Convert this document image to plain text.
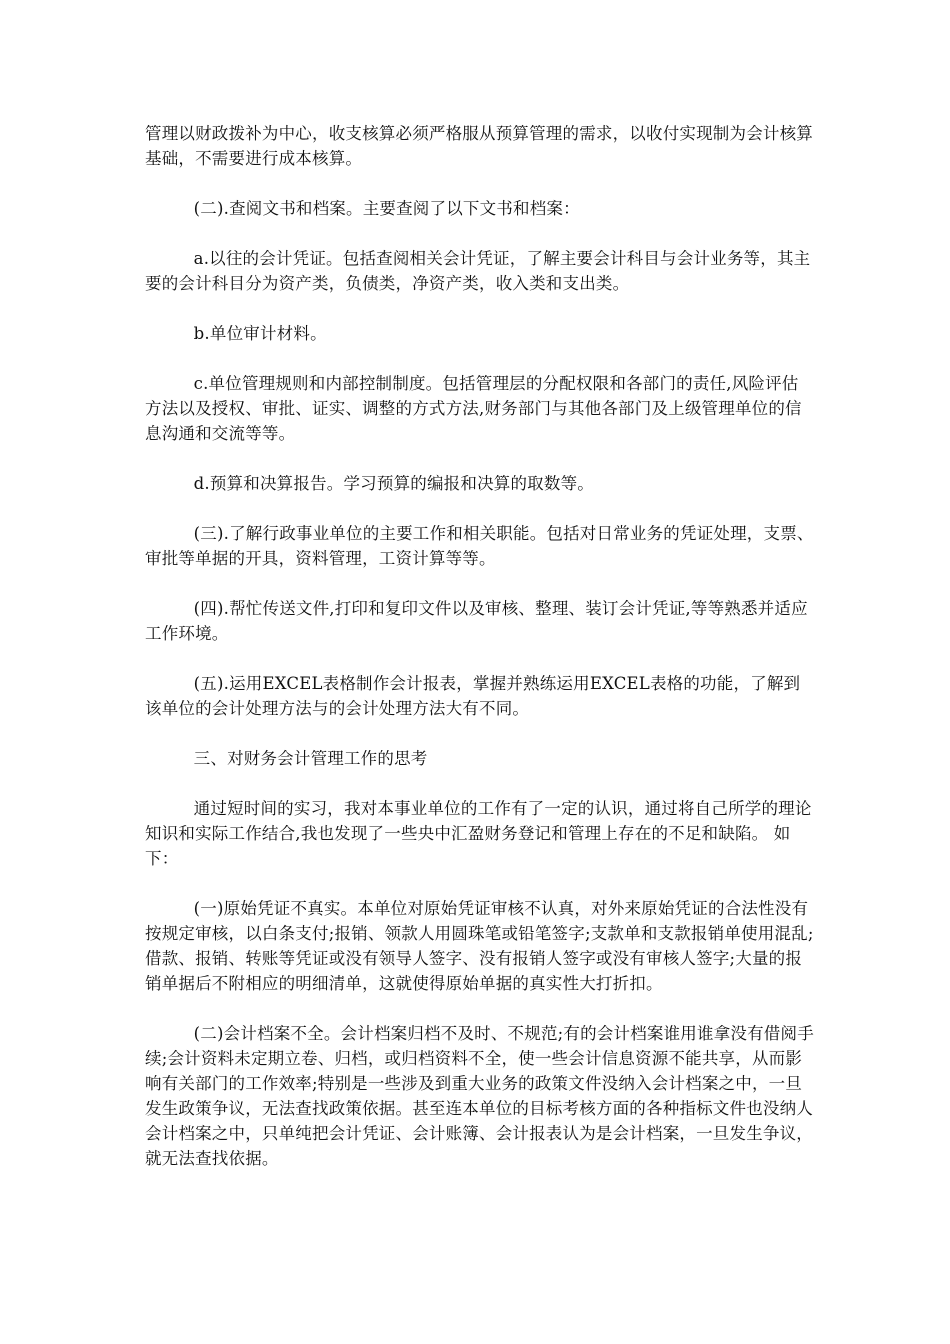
管理以财政拨补为中心，收支核算必须严格服从预算管理的需求，以收付实现制为会计核算基础，不需要进行成本核算。

(二).查阅文书和档案。主要查阅了以下文书和档案：

a.以往的会计凭证。包括查阅相关会计凭证，了解主要会计科目与会计业务等，其主要的会计科目分为资产类，负债类，净资产类，收入类和支出类。

b.单位审计材料。

c.单位管理规则和内部控制制度。包括管理层的分配权限和各部门的责任,风险评估方法以及授权、审批、证实、调整的方式方法,财务部门与其他各部门及上级管理单位的信息沟通和交流等等。

d.预算和决算报告。学习预算的编报和决算的取数等。

(三).了解行政事业单位的主要工作和相关职能。包括对日常业务的凭证处理，支票、审批等单据的开具，资料管理，工资计算等等。

(四).帮忙传送文件,打印和复印文件以及审核、整理、装订会计凭证,等等熟悉并适应工作环境。

(五).运用EXCEL表格制作会计报表，掌握并熟练运用EXCEL表格的功能，了解到该单位的会计处理方法与的会计处理方法大有不同。

三、对财务会计管理工作的思考

通过短时间的实习，我对本事业单位的工作有了一定的认识，通过将自己所学的理论知识和实际工作结合,我也发现了一些央中汇盈财务登记和管理上存在的不足和缺陷。 如下：

(一)原始凭证不真实。本单位对原始凭证审核不认真，对外来原始凭证的合法性没有按规定审核，以白条支付;报销、领款人用圆珠笔或铅笔签字;支款单和支款报销单使用混乱;借款、报销、转账等凭证或没有领导人签字、没有报销人签字或没有审核人签字;大量的报销单据后不附相应的明细清单，这就使得原始单据的真实性大打折扣。

(二)会计档案不全。会计档案归档不及时、不规范;有的会计档案谁用谁拿没有借阅手续;会计资料未定期立卷、归档，或归档资料不全，使一些会计信息资源不能共享，从而影响有关部门的工作效率;特别是一些涉及到重大业务的政策文件没纳入会计档案之中，一旦发生政策争议，无法查找政策依据。甚至连本单位的目标考核方面的各种指标文件也没纳人会计档案之中，只单纯把会计凭证、会计账簿、会计报表认为是会计档案，一旦发生争议，就无法查找依据。
